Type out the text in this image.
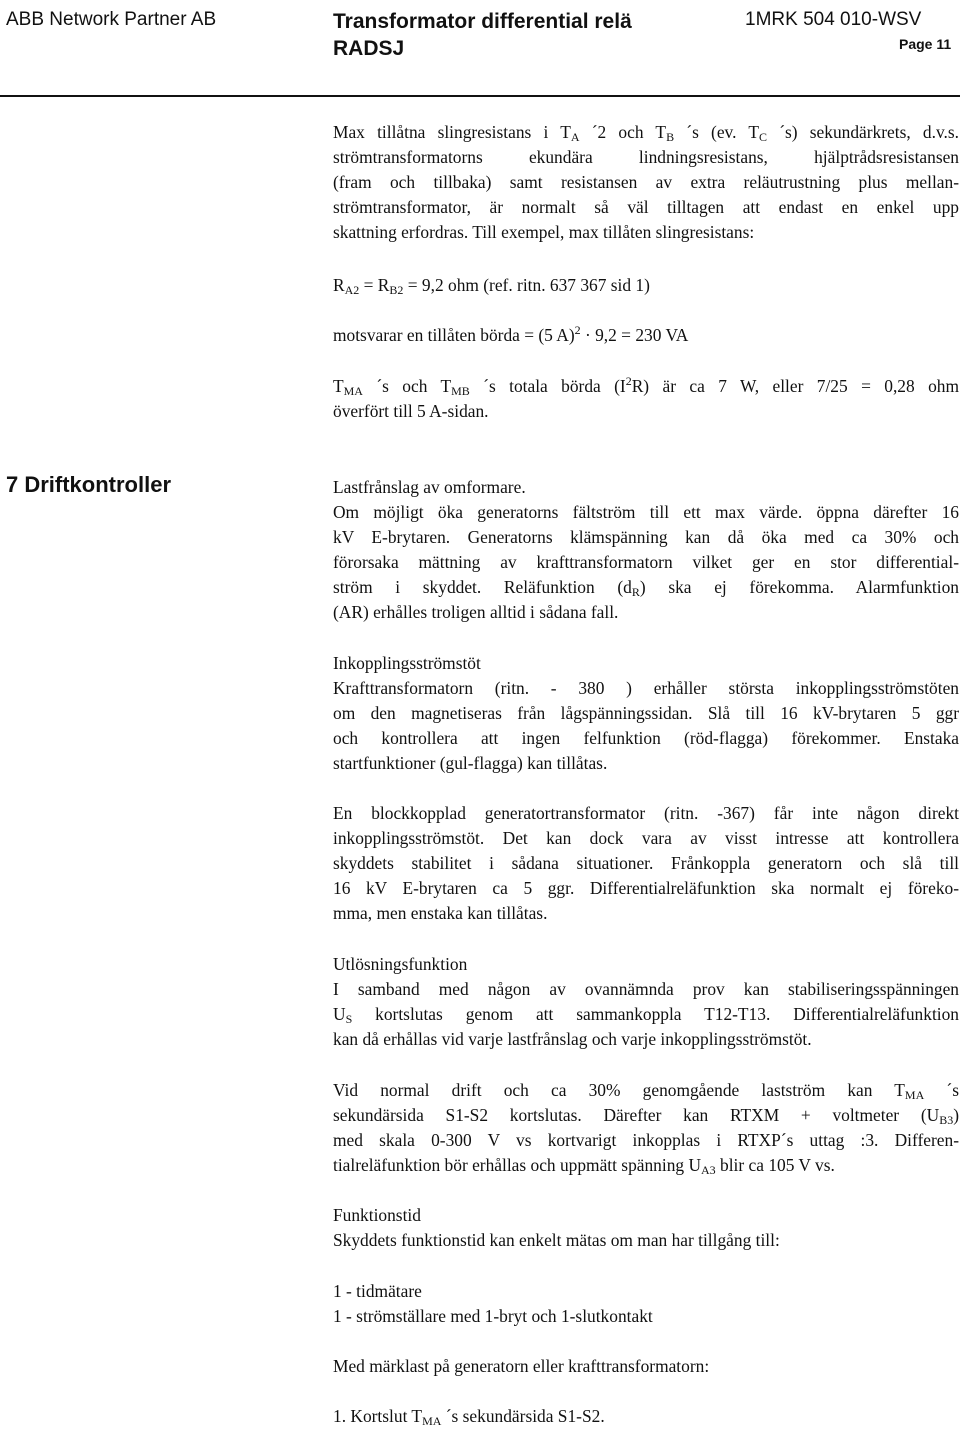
ABB Network Partner AB	Transformator differential relä
RADSJ
1MRK 504 010-WSV
Page 11

Max tillåtna slingresistans i $T_A$ ´2 och $T_B$ ´s (ev. $T_C$ ´s) sekundärkrets, d.v.s.

strömtransformatorns ekundära lindningsresistans, hjälptrådsresistansen

(fram och tillbaka) samt resistansen av extra reläutrustning plus mellan-

strömtransformator, är normalt så väl tilltagen att endast en enkel upp

skattning erfordras. Till exempel, max tillåten slingresistans:

$R_{A2} = R_{B2} = 9,2$ ohm (ref. ritn. 637 367 sid 1)

motsvarar en tillåten börda = (5 A)$^2$ · 9,2 = 230 VA

$T_{MA}$ ´s och $T_{MB}$ ´s totala börda $(I^2R)$ är ca 7 W, eller 7/25 = 0,28 ohm

överfört till 5 A-sidan.

7 Driftkontroller	Lastfrånslag av omformare.

Om möjligt öka generatorns fältström till ett max värde. öppna därefter 16

kV E-brytaren. Generatorns klämspänning kan då öka med ca 30% och

förorsaka mättning av krafttransformatorn vilket ger en stor differential-

ström i skyddet. Reläfunktion $(d_R)$ ska ej förekomma. Alarmfunktion

(AR) erhålles troligen alltid i sådana fall.

Inkopplingsströmstöt

Krafttransformatorn (ritn. - 380 ) erhåller största inkopplingsströmstöten

om den magnetiseras från lågspänningssidan. Slå till 16 kV-brytaren 5 ggr

och kontrollera att ingen felfunktion (röd-flagga) förekommer. Enstaka

startfunktioner (gul-flagga) kan tillåtas.

En blockkopplad generatortransformator (ritn. -367) får inte någon direkt

inkopplingsströmstöt. Det kan dock vara av visst intresse att kontrollera

skyddets stabilitet i sådana situationer. Frånkoppla generatorn och slå till

16 kV E-brytaren ca 5 ggr. Differentialreläfunktion ska normalt ej föreko-

mma, men enstaka kan tillåtas.

Utlösningsfunktion

I samband med någon av ovannämnda prov kan stabiliseringsspänningen

$U_S$ kortslutas genom att sammankoppla T12-T13. Differentialreläfunktion

kan då erhållas vid varje lastfrånslag och varje inkopplingsströmstöt.

Vid normal drift och ca 30% genomgående lastström kan $T_{MA}$ ´s

sekundärsida S1-S2 kortslutas. Därefter kan RTXM + voltmeter $(U_{B3})$

med skala 0-300 V vs kortvarigt inkopplas i RTXP´s uttag :3. Differen-

tialreläfunktion bör erhållas och uppmätt spänning $U_{A3}$ blir ca 105 V vs.

Funktionstid

Skyddets funktionstid kan enkelt mätas om man har tillgång till:

1 - tidmätare

1 - strömställare med 1-bryt och 1-slutkontakt

Med märklast på generatorn eller krafttransformatorn:

1. Kortslut $T_{MA}$ ´s sekundärsida S1-S2.
